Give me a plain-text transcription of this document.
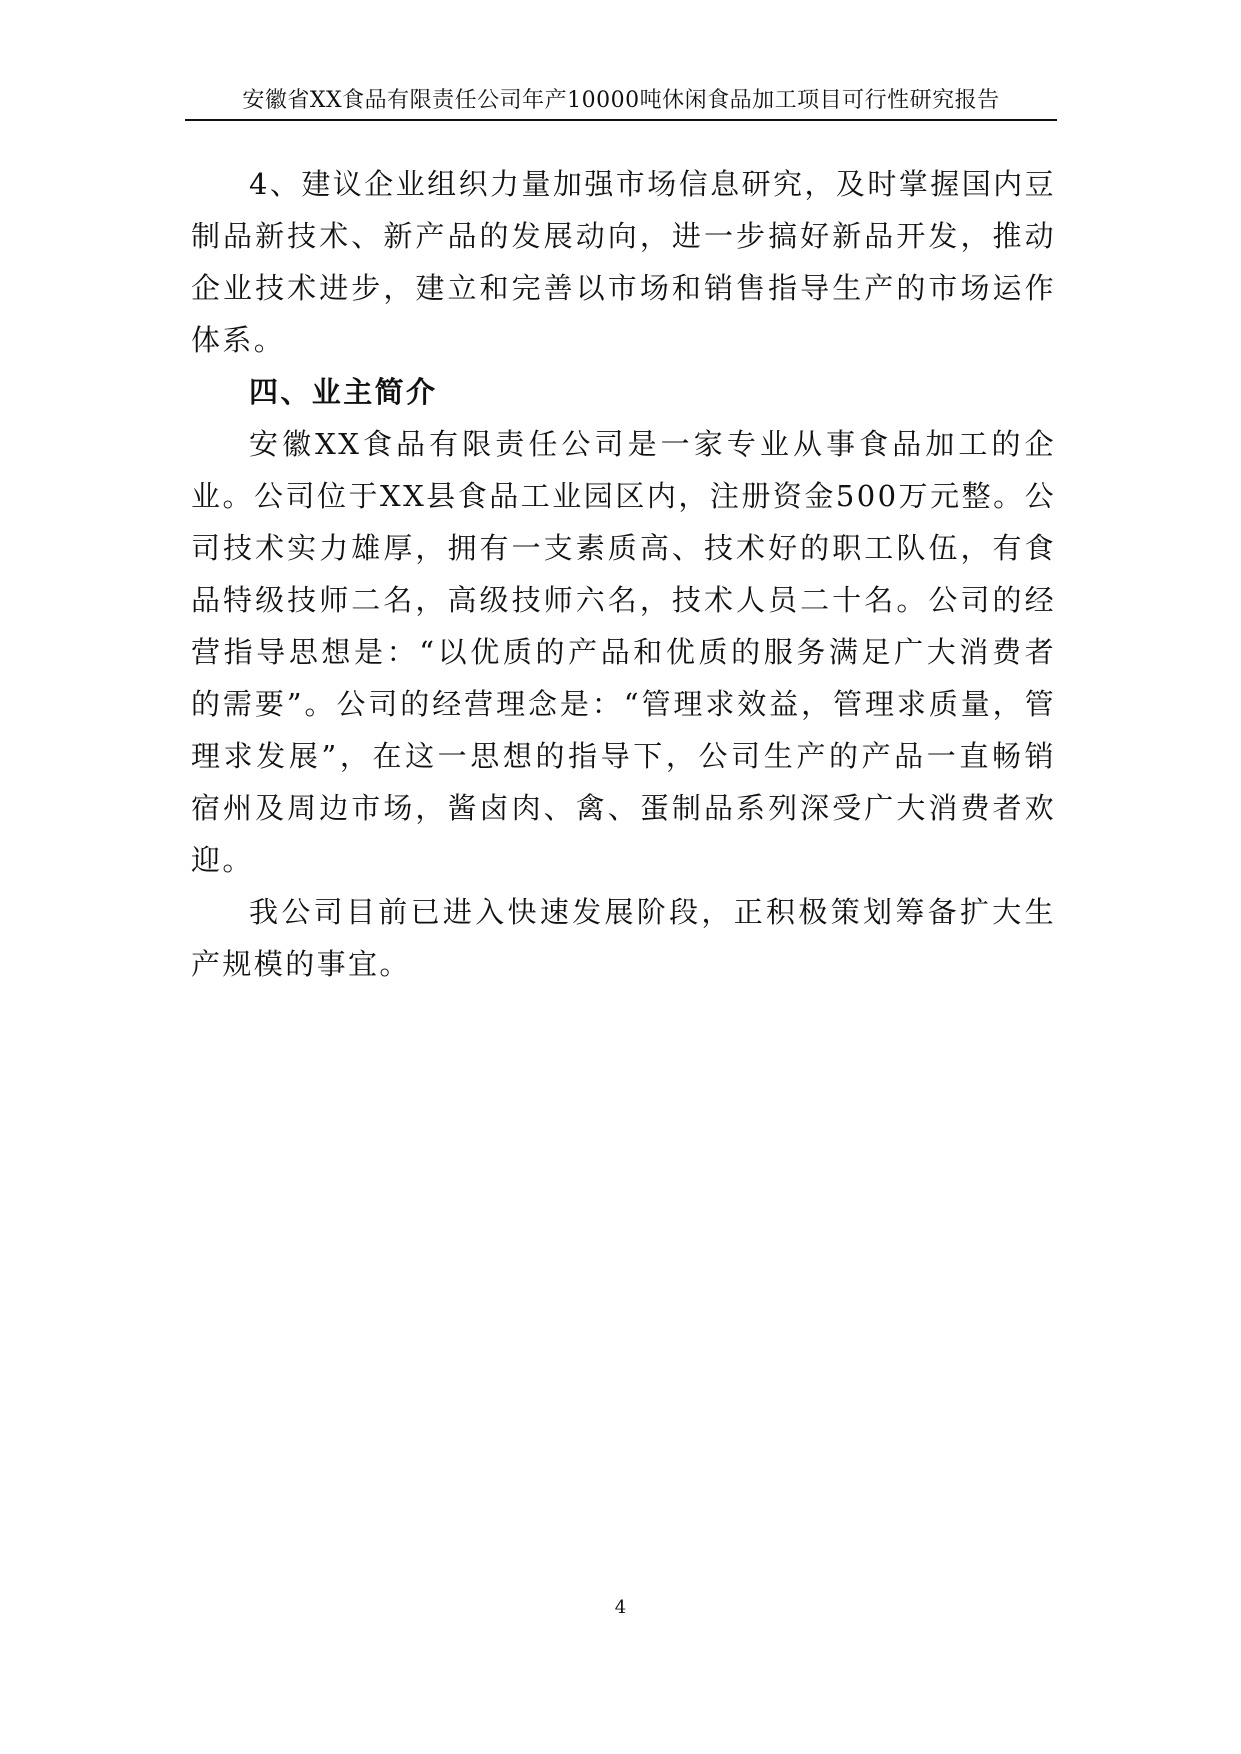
安徽省XX食品有限责任公司年产10000吨休闲食品加工项目可行性研究报告

4、建议企业组织力量加强市场信息研究，及时掌握国内豆制品新技术、新产品的发展动向，进一步搞好新品开发，推动企业技术进步，建立和完善以市场和销售指导生产的市场运作体系。

四、业主简介

安徽XX食品有限责任公司是一家专业从事食品加工的企业。公司位于XX县食品工业园区内，注册资金500万元整。公司技术实力雄厚，拥有一支素质高、技术好的职工队伍，有食品特级技师二名，高级技师六名，技术人员二十名。公司的经营指导思想是：“以优质的产品和优质的服务满足广大消费者的需要”。公司的经营理念是：“管理求效益，管理求质量，管理求发展”，在这一思想的指导下，公司生产的产品一直畅销宿州及周边市场，酱卤肉、禽、蛋制品系列深受广大消费者欢迎。

我公司目前已进入快速发展阶段，正积极策划筹备扩大生产规模的事宜。

4
